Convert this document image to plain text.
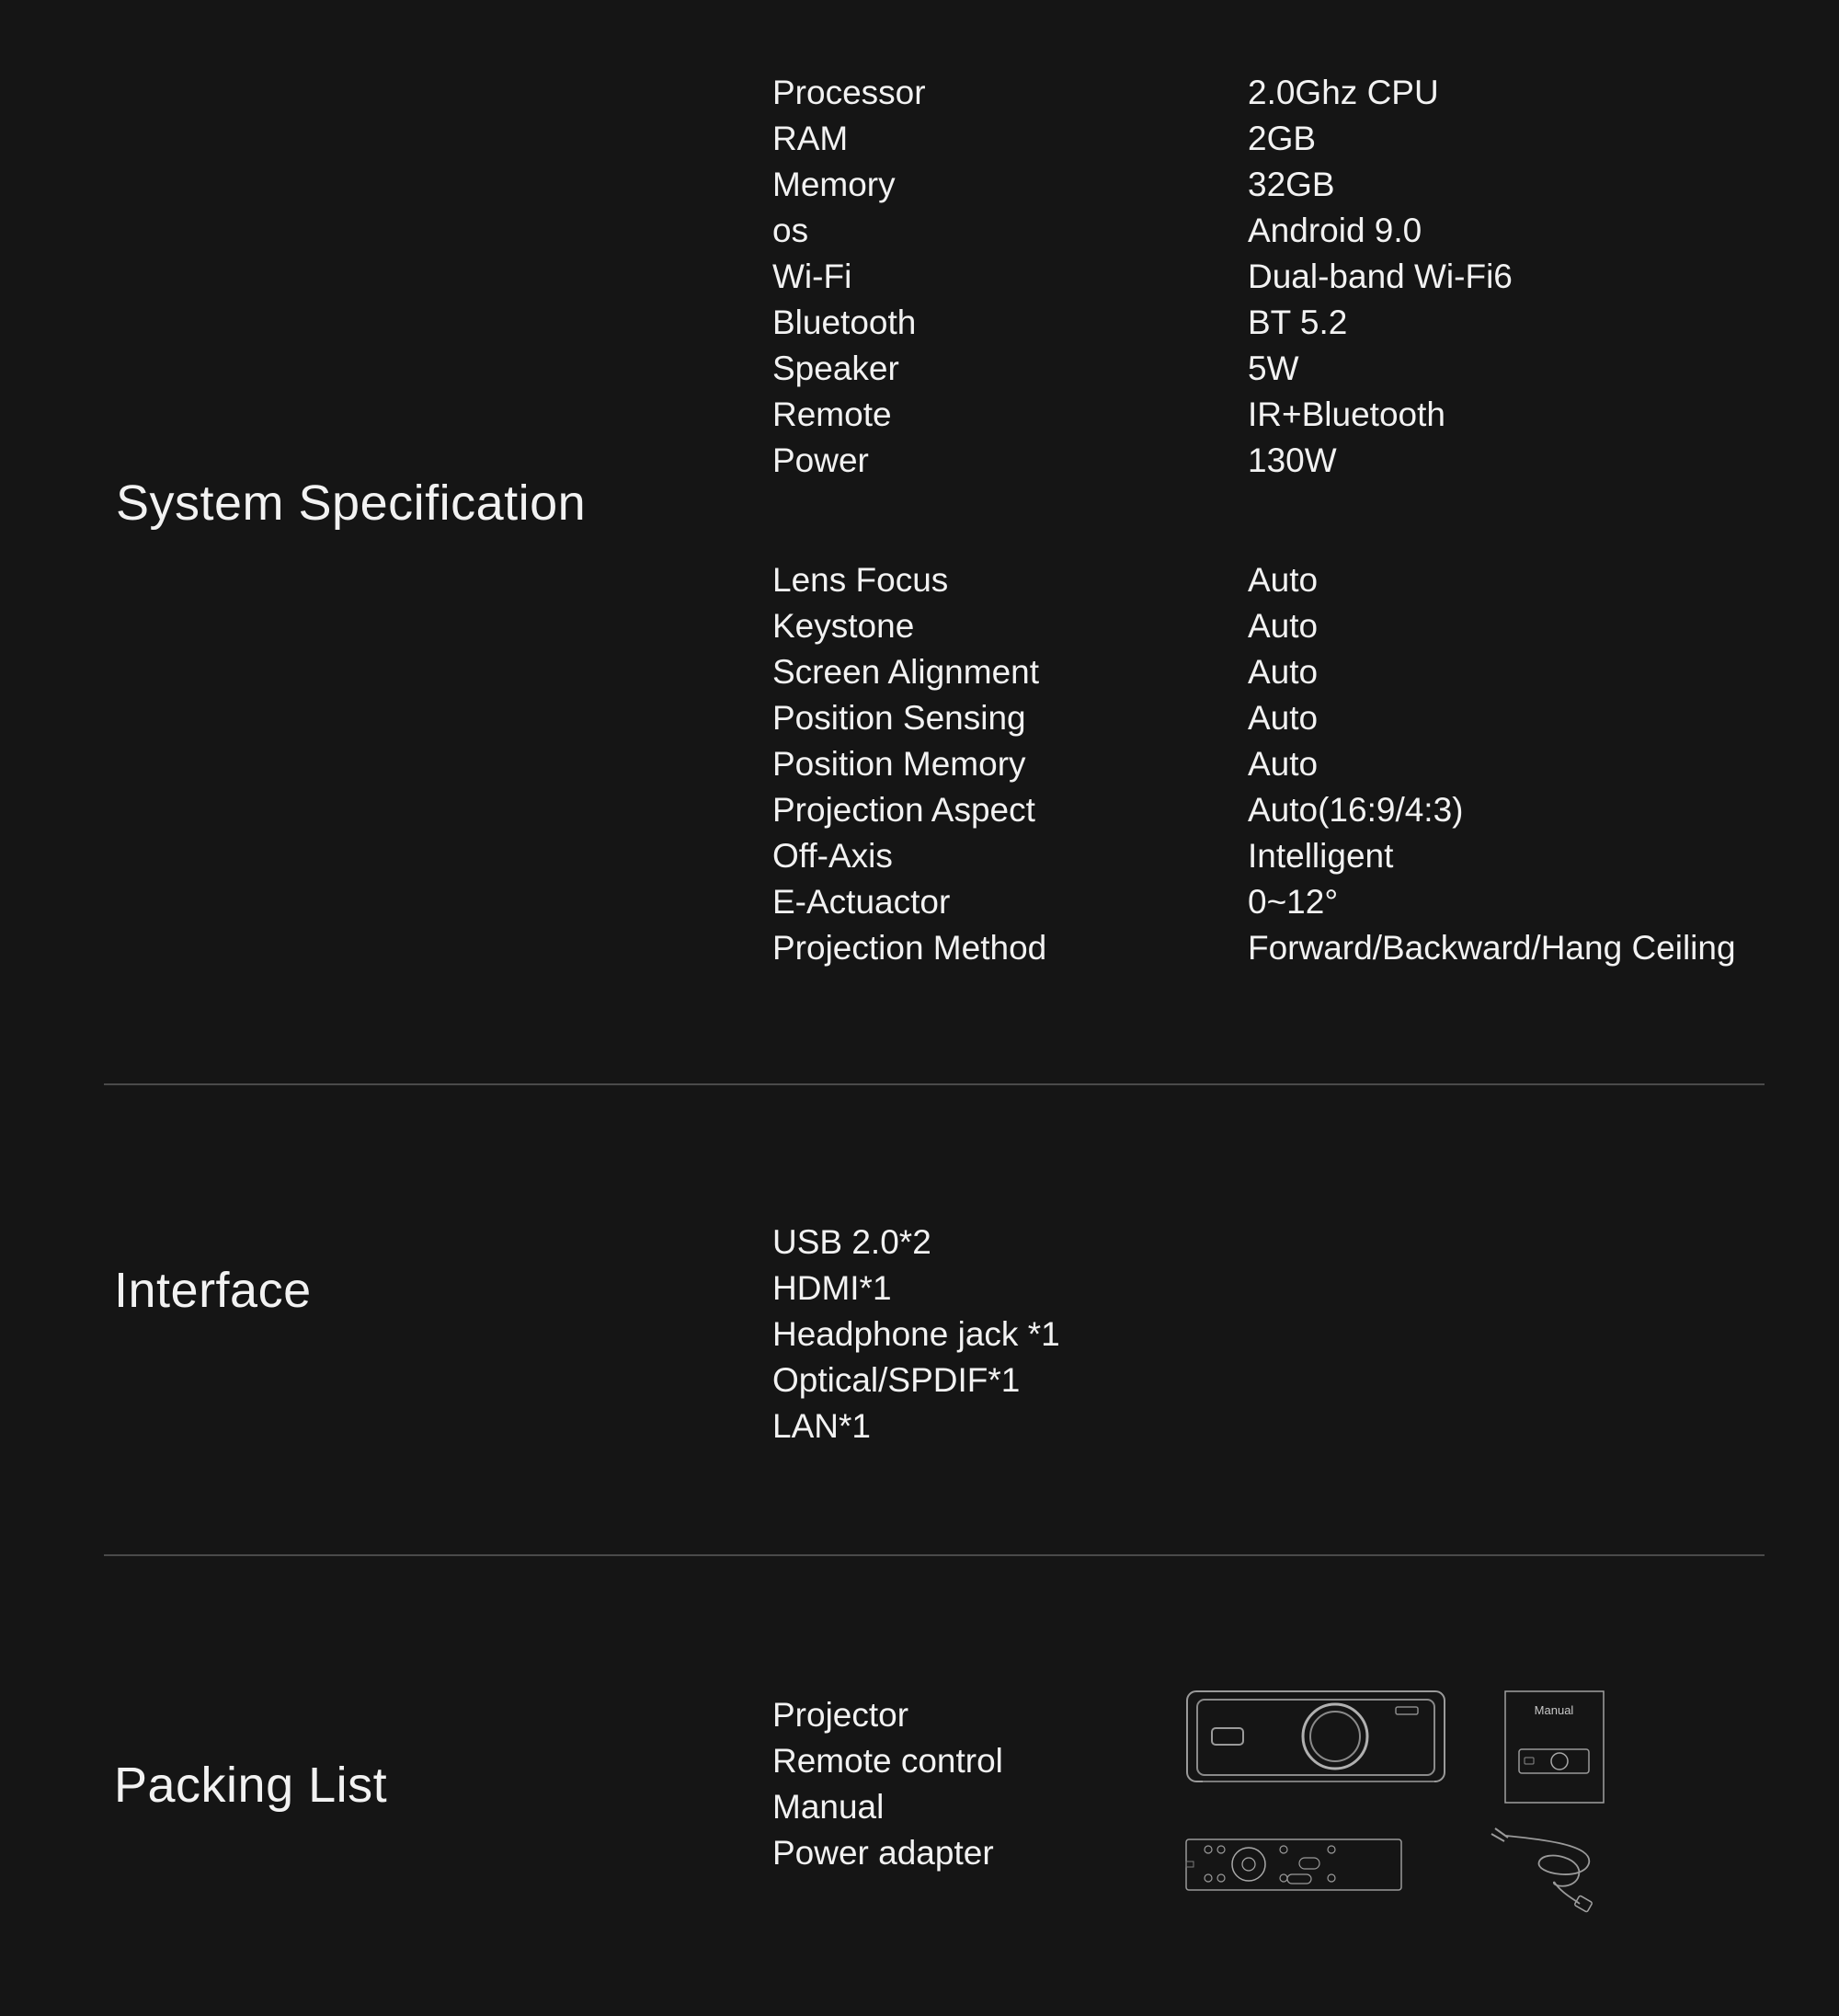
System Specification
Processor	2.0Ghz CPU
RAM	2GB
Memory	32GB
os	Android 9.0
Wi-Fi	Dual-band Wi-Fi6
Bluetooth	BT 5.2
Speaker	5W
Remote	IR+Bluetooth
Power	130W
Lens Focus	Auto
Keystone	Auto
Screen Alignment	Auto
Position Sensing	Auto
Position Memory	Auto
Projection Aspect	Auto(16:9/4:3)
Off-Axis	Intelligent
E-Actuactor	0~12°
Projection Method	Forward/Backward/Hang Ceiling
Interface
USB 2.0*2
HDMI*1
Headphone jack *1
Optical/SPDIF*1
LAN*1
Packing List
Projector
Remote control
Manual
Power adapter
Manual
